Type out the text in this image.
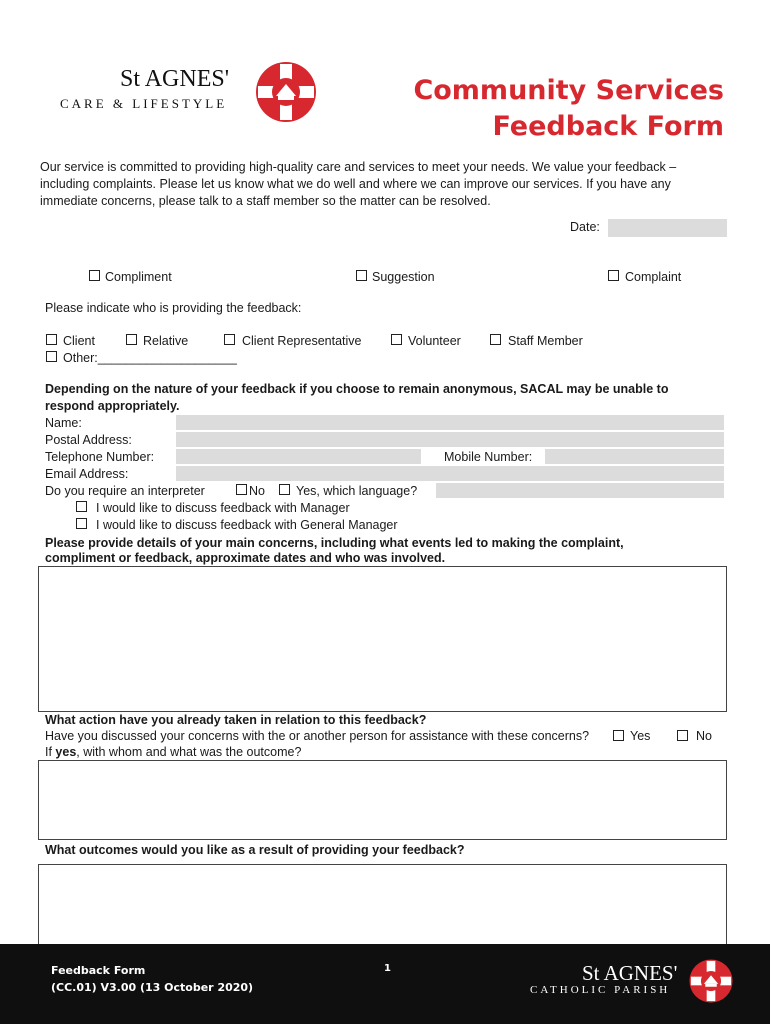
St AGNES'
CARE & LIFESTYLE	Community Services
Feedback Form
Our service is committed to providing high-quality care and services to meet your needs. We value your feedback –
including complaints. Please let us know what we do well and where we can improve our services. If you have any
immediate concerns, please talk to a staff member so the matter can be resolved.
Date:
Compliment	Suggestion	Complaint
Please indicate who is providing the feedback:
Client	Relative	Client Representative	Volunteer	Staff Member
Other:____________________
Depending on the nature of your feedback if you choose to remain anonymous, SACAL may be unable to
respond appropriately.
Name:
Postal Address:
Telephone Number:	Mobile Number:
Email Address:
Do you require an interpreter	No Yes, which language?
I would like to discuss feedback with Manager
I would like to discuss feedback with General Manager
Please provide details of your main concerns, including what events led to making the complaint,
compliment or feedback, approximate dates and who was involved.
What action have you already taken in relation to this feedback?
Have you discussed your concerns with the or another person for assistance with these concerns?	Yes	No
If yes, with whom and what was the outcome?
What outcomes would you like as a result of providing your feedback?
Feedback Form
(CC.01) V3.00 (13 October 2020)
1	St AGNES'
CATHOLIC PARISH
